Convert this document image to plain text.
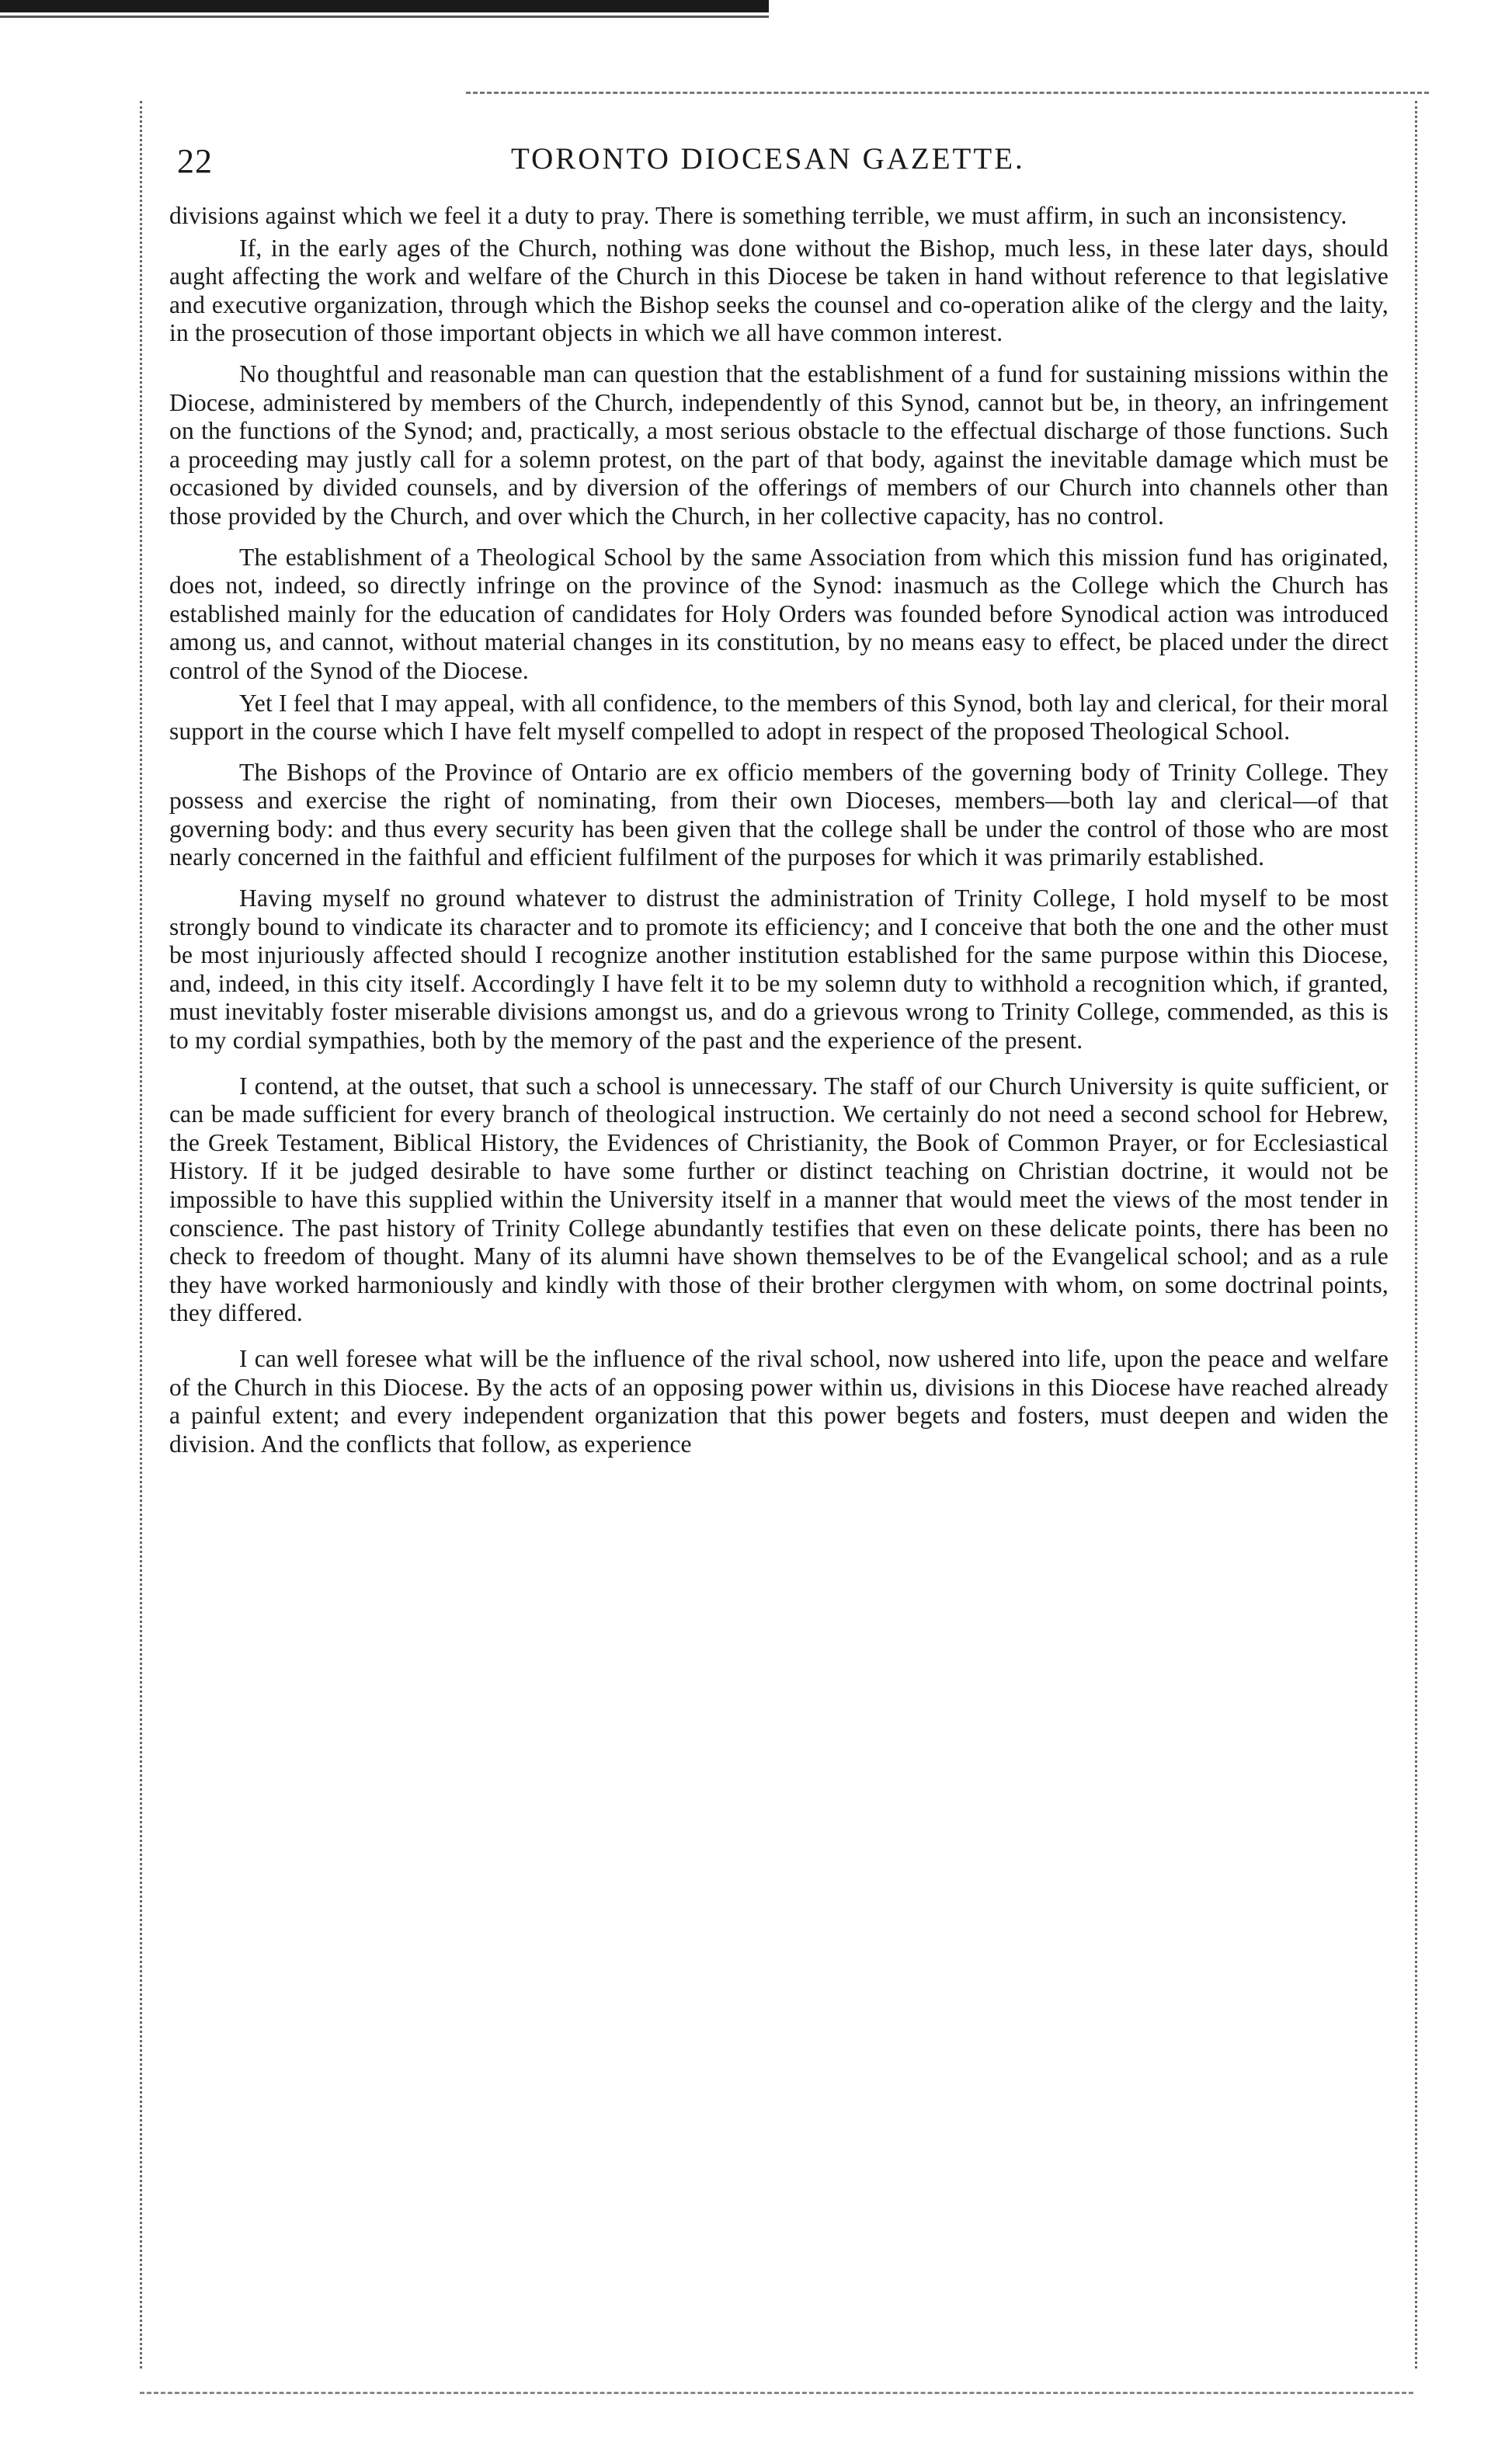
22	TORONTO DIOCESAN GAZETTE.

divisions against which we feel it a duty to pray. There is something terrible, we must affirm, in such an inconsistency.

If, in the early ages of the Church, nothing was done without the Bishop, much less, in these later days, should aught affecting the work and welfare of the Church in this Diocese be taken in hand without reference to that legislative and executive organization, through which the Bishop seeks the counsel and co-operation alike of the clergy and the laity, in the prosecution of those important objects in which we all have common interest.

No thoughtful and reasonable man can question that the establishment of a fund for sustaining missions within the Diocese, administered by members of the Church, independently of this Synod, cannot but be, in theory, an infringement on the functions of the Synod; and, practically, a most serious obstacle to the effectual discharge of those functions. Such a proceeding may justly call for a solemn protest, on the part of that body, against the inevitable damage which must be occasioned by divided counsels, and by diversion of the offerings of members of our Church into channels other than those provided by the Church, and over which the Church, in her collective capacity, has no control.

The establishment of a Theological School by the same Association from which this mission fund has originated, does not, indeed, so directly infringe on the province of the Synod: inasmuch as the College which the Church has established mainly for the education of candidates for Holy Orders was founded before Synodical action was introduced among us, and cannot, without material changes in its constitution, by no means easy to effect, be placed under the direct control of the Synod of the Diocese.

Yet I feel that I may appeal, with all confidence, to the members of this Synod, both lay and clerical, for their moral support in the course which I have felt myself compelled to adopt in respect of the proposed Theological School.

The Bishops of the Province of Ontario are ex officio members of the governing body of Trinity College. They possess and exercise the right of nominating, from their own Dioceses, members—both lay and clerical—of that governing body: and thus every security has been given that the college shall be under the control of those who are most nearly concerned in the faithful and efficient fulfilment of the purposes for which it was primarily established.

Having myself no ground whatever to distrust the administration of Trinity College, I hold myself to be most strongly bound to vindicate its character and to promote its efficiency; and I conceive that both the one and the other must be most injuriously affected should I recognize another institution established for the same purpose within this Diocese, and, indeed, in this city itself. Accordingly I have felt it to be my solemn duty to withhold a recognition which, if granted, must inevitably foster miserable divisions amongst us, and do a grievous wrong to Trinity College, commended, as this is to my cordial sympathies, both by the memory of the past and the experience of the present.

I contend, at the outset, that such a school is unnecessary. The staff of our Church University is quite sufficient, or can be made sufficient for every branch of theological instruction. We certainly do not need a second school for Hebrew, the Greek Testament, Biblical History, the Evidences of Christianity, the Book of Common Prayer, or for Ecclesiastical History. If it be judged desirable to have some further or distinct teaching on Christian doctrine, it would not be impossible to have this supplied within the University itself in a manner that would meet the views of the most tender in conscience. The past history of Trinity College abundantly testifies that even on these delicate points, there has been no check to freedom of thought. Many of its alumni have shown themselves to be of the Evangelical school; and as a rule they have worked harmoniously and kindly with those of their brother clergymen with whom, on some doctrinal points, they differed.

I can well foresee what will be the influence of the rival school, now ushered into life, upon the peace and welfare of the Church in this Diocese. By the acts of an opposing power within us, divisions in this Diocese have reached already a painful extent; and every independent organization that this power begets and fosters, must deepen and widen the division. And the conflicts that follow, as experience
